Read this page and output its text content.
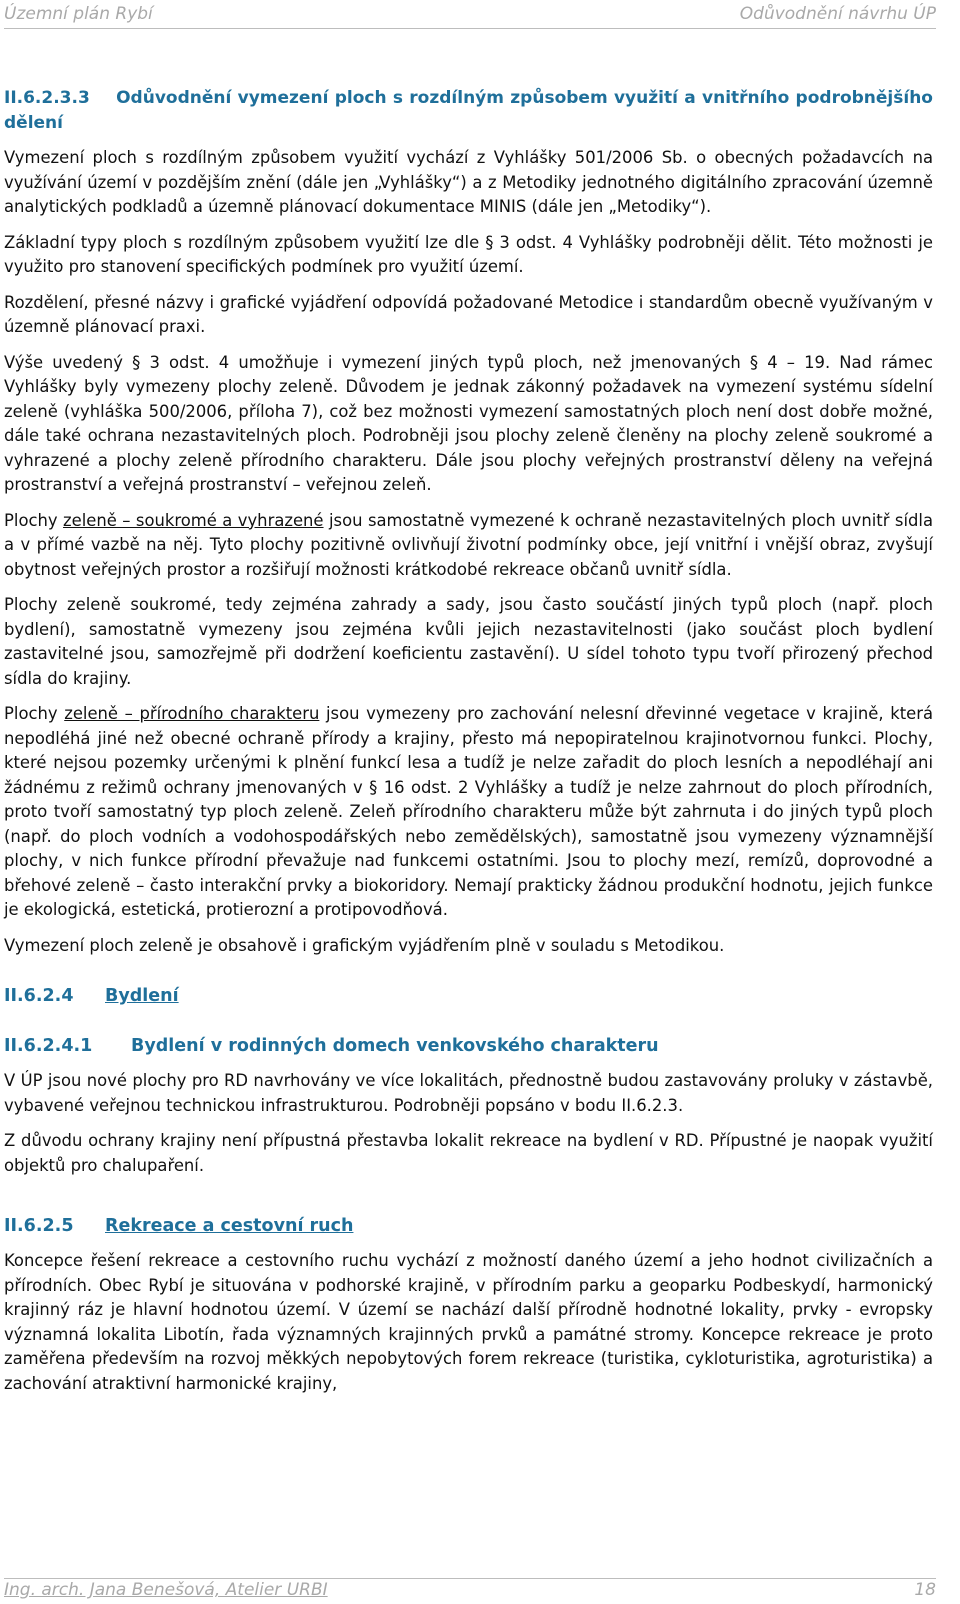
Územní plán Rybí	Odůvodnění návrhu ÚP
II.6.2.3.3 Odůvodnění vymezení ploch s rozdílným způsobem využití a vnitřního podrobnějšího dělení

Vymezení ploch s rozdílným způsobem využití vychází z Vyhlášky 501/2006 Sb. o obecných požadavcích na využívání území v pozdějším znění (dále jen „Vyhlášky“) a z Metodiky jednotného digitálního zpracování územně analytických podkladů a územně plánovací dokumentace MINIS (dále jen „Metodiky“).

Základní typy ploch s rozdílným způsobem využití lze dle § 3 odst. 4 Vyhlášky podrobněji dělit. Této možnosti je využito pro stanovení specifických podmínek pro využití území.

Rozdělení, přesné názvy i grafické vyjádření odpovídá požadované Metodice i standardům obecně využívaným v územně plánovací praxi.

Výše uvedený § 3 odst. 4 umožňuje i vymezení jiných typů ploch, než jmenovaných § 4 – 19. Nad rámec Vyhlášky byly vymezeny plochy zeleně. Důvodem je jednak zákonný požadavek na vymezení systému sídelní zeleně (vyhláška 500/2006, příloha 7), což bez možnosti vymezení samostatných ploch není dost dobře možné, dále také ochrana nezastavitelných ploch. Podrobněji jsou plochy zeleně členěny na plochy zeleně soukromé a vyhrazené a plochy zeleně přírodního charakteru. Dále jsou plochy veřejných prostranství děleny na veřejná prostranství a veřejná prostranství – veřejnou zeleň.

Plochy zeleně – soukromé a vyhrazené jsou samostatně vymezené k ochraně nezastavitelných ploch uvnitř sídla a v přímé vazbě na něj. Tyto plochy pozitivně ovlivňují životní podmínky obce, její vnitřní i vnější obraz, zvyšují obytnost veřejných prostor a rozšiřují možnosti krátkodobé rekreace občanů uvnitř sídla.

Plochy zeleně soukromé, tedy zejména zahrady a sady, jsou často součástí jiných typů ploch (např. ploch bydlení), samostatně vymezeny jsou zejména kvůli jejich nezastavitelnosti (jako součást ploch bydlení zastavitelné jsou, samozřejmě při dodržení koeficientu zastavění). U sídel tohoto typu tvoří přirozený přechod sídla do krajiny.

Plochy zeleně – přírodního charakteru jsou vymezeny pro zachování nelesní dřevinné vegetace v krajině, která nepodléhá jiné než obecné ochraně přírody a krajiny, přesto má nepopiratelnou krajinotvornou funkci. Plochy, které nejsou pozemky určenými k plnění funkcí lesa a tudíž je nelze zařadit do ploch lesních a nepodléhají ani žádnému z režimů ochrany jmenovaných v § 16 odst. 2 Vyhlášky a tudíž je nelze zahrnout do ploch přírodních, proto tvoří samostatný typ ploch zeleně. Zeleň přírodního charakteru může být zahrnuta i do jiných typů ploch (např. do ploch vodních a vodohospodářských nebo zemědělských), samostatně jsou vymezeny významnější plochy, v nich funkce přírodní převažuje nad funkcemi ostatními. Jsou to plochy mezí, remízů, doprovodné a břehové zeleně – často interakční prvky a biokoridory. Nemají prakticky žádnou produkční hodnotu, jejich funkce je ekologická, estetická, protierozní a protipovodňová.

Vymezení ploch zeleně je obsahově i grafickým vyjádřením plně v souladu s Metodikou.

II.6.2.4	Bydlení
II.6.2.4.1	Bydlení v rodinných domech venkovského charakteru

V ÚP jsou nové plochy pro RD navrhovány ve více lokalitách, přednostně budou zastavovány proluky v zástavbě, vybavené veřejnou technickou infrastrukturou. Podrobněji popsáno v bodu II.6.2.3.

Z důvodu ochrany krajiny není přípustná přestavba lokalit rekreace na bydlení v RD. Přípustné je naopak využití objektů pro chalupaření.

II.6.2.5	Rekreace a cestovní ruch

Koncepce řešení rekreace a cestovního ruchu vychází z možností daného území a jeho hodnot civilizačních a přírodních. Obec Rybí je situována v podhorské krajině, v přírodním parku a geoparku Podbeskydí, harmonický krajinný ráz je hlavní hodnotou území. V území se nachází další přírodně hodnotné lokality, prvky - evropsky významná lokalita Libotín, řada významných krajinných prvků a památné stromy. Koncepce rekreace je proto zaměřena především na rozvoj měkkých nepobytových forem rekreace (turistika, cykloturistika, agroturistika) a zachování atraktivní harmonické krajiny,

Ing. arch. Jana Benešová, Atelier URBI	18
